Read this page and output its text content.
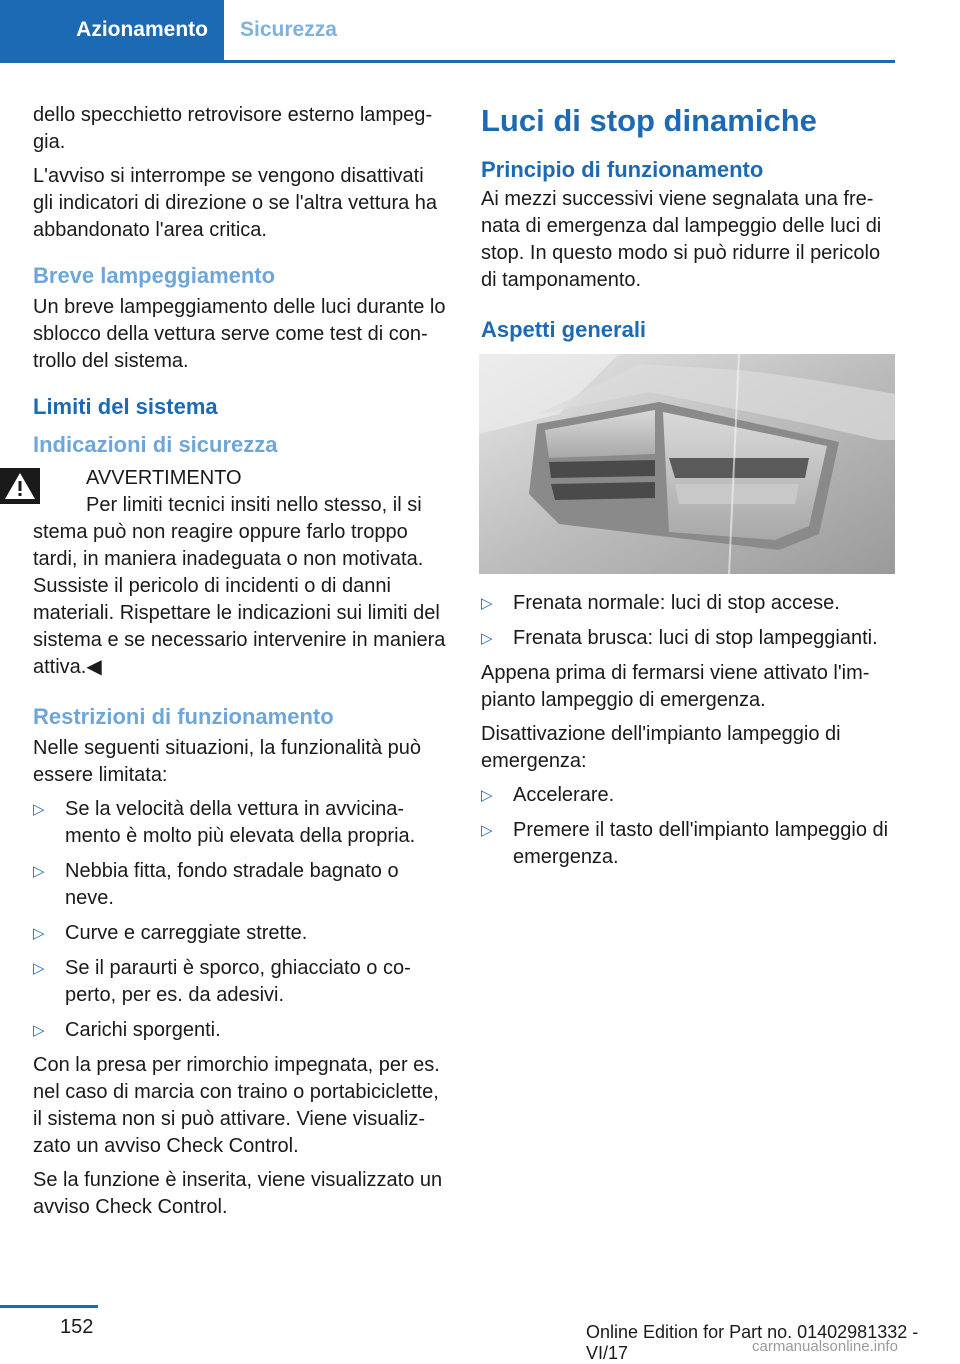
Azionamento	Sicurezza

dello specchietto retrovisore esterno lampeggia.

L'avviso si interrompe se vengono disattivati gli indicatori di direzione o se l'altra vettura ha abbandonato l'area critica.

Breve lampeggiamento

Un breve lampeggiamento delle luci durante lo sblocco della vettura serve come test di controllo del sistema.

Limiti del sistema
Indicazioni di sicurezza
AVVERTIMENTO
Per limiti tecnici insiti nello stesso, il si
stema può non reagire oppure farlo troppo tardi, in maniera inadeguata o non motivata. Sussiste il pericolo di incidenti o di danni materiali. Rispettare le indicazioni sui limiti del sistema e se necessario intervenire in maniera attiva.◀
Restrizioni di funzionamento

Nelle seguenti situazioni, la funzionalità può essere limitata:

▷ Se la velocità della vettura in avvicinamento è molto più elevata della propria.
▷ Nebbia fitta, fondo stradale bagnato o neve.
▷ Curve e carreggiate strette.
▷ Se il paraurti è sporco, ghiacciato o coperto, per es. da adesivi.
▷ Carichi sporgenti.

Con la presa per rimorchio impegnata, per es. nel caso di marcia con traino o portabiciclette, il sistema non si può attivare. Viene visualizzato un avviso Check Control.

Se la funzione è inserita, viene visualizzato un avviso Check Control.

Luci di stop dinamiche
Principio di funzionamento

Ai mezzi successivi viene segnalata una frenata di emergenza dal lampeggio delle luci di stop. In questo modo si può ridurre il pericolo di tamponamento.

Aspetti generali
▷ Frenata normale: luci di stop accese.
▷ Frenata brusca: luci di stop lampeggianti.

Appena prima di fermarsi viene attivato l'impianto lampeggio di emergenza.

Disattivazione dell'impianto lampeggio di emergenza:

▷ Accelerare.
▷ Premere il tasto dell'impianto lampeggio di emergenza.
152	Online Edition for Part no. 01402981332 - VI/17	carmanualsonline.info
